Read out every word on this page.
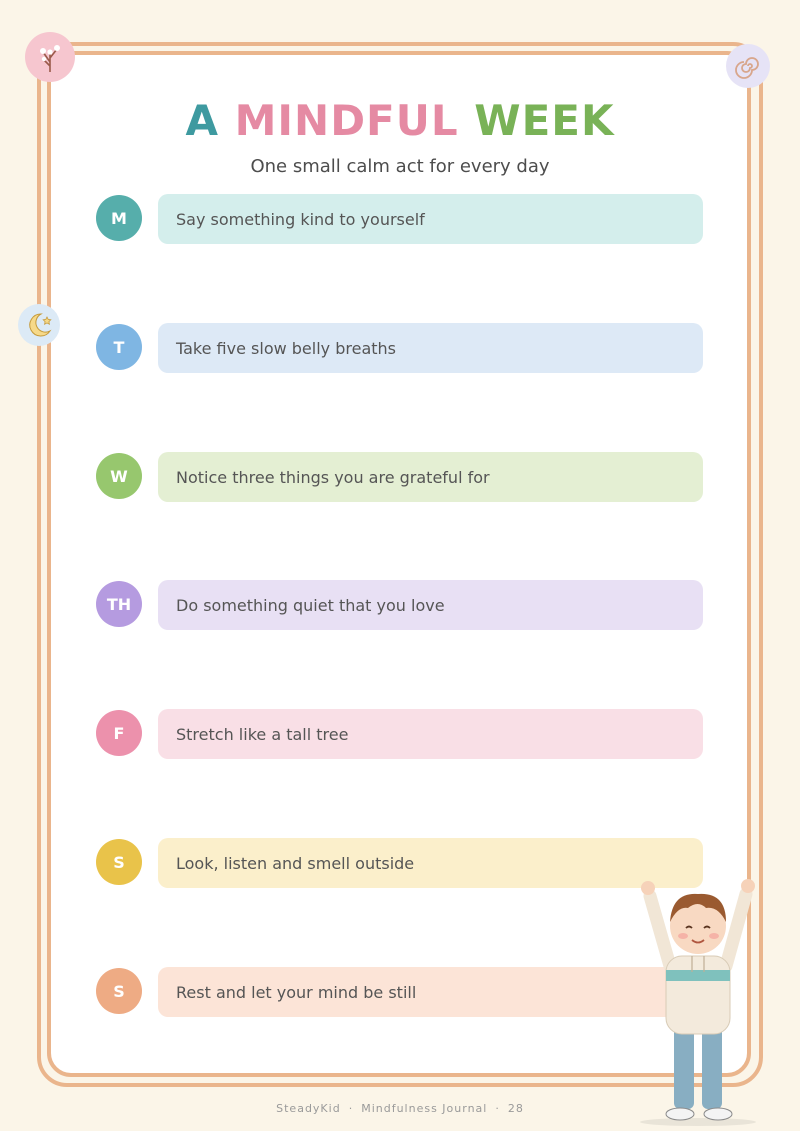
A MINDFUL WEEK
One small calm act for every day
M	Say something kind to yourself
T	Take five slow belly breaths
W	Notice three things you are grateful for
TH	Do something quiet that you love
F	Stretch like a tall tree
S	Look, listen and smell outside
S	Rest and let your mind be still
SteadyKid · Mindfulness Journal · 28
